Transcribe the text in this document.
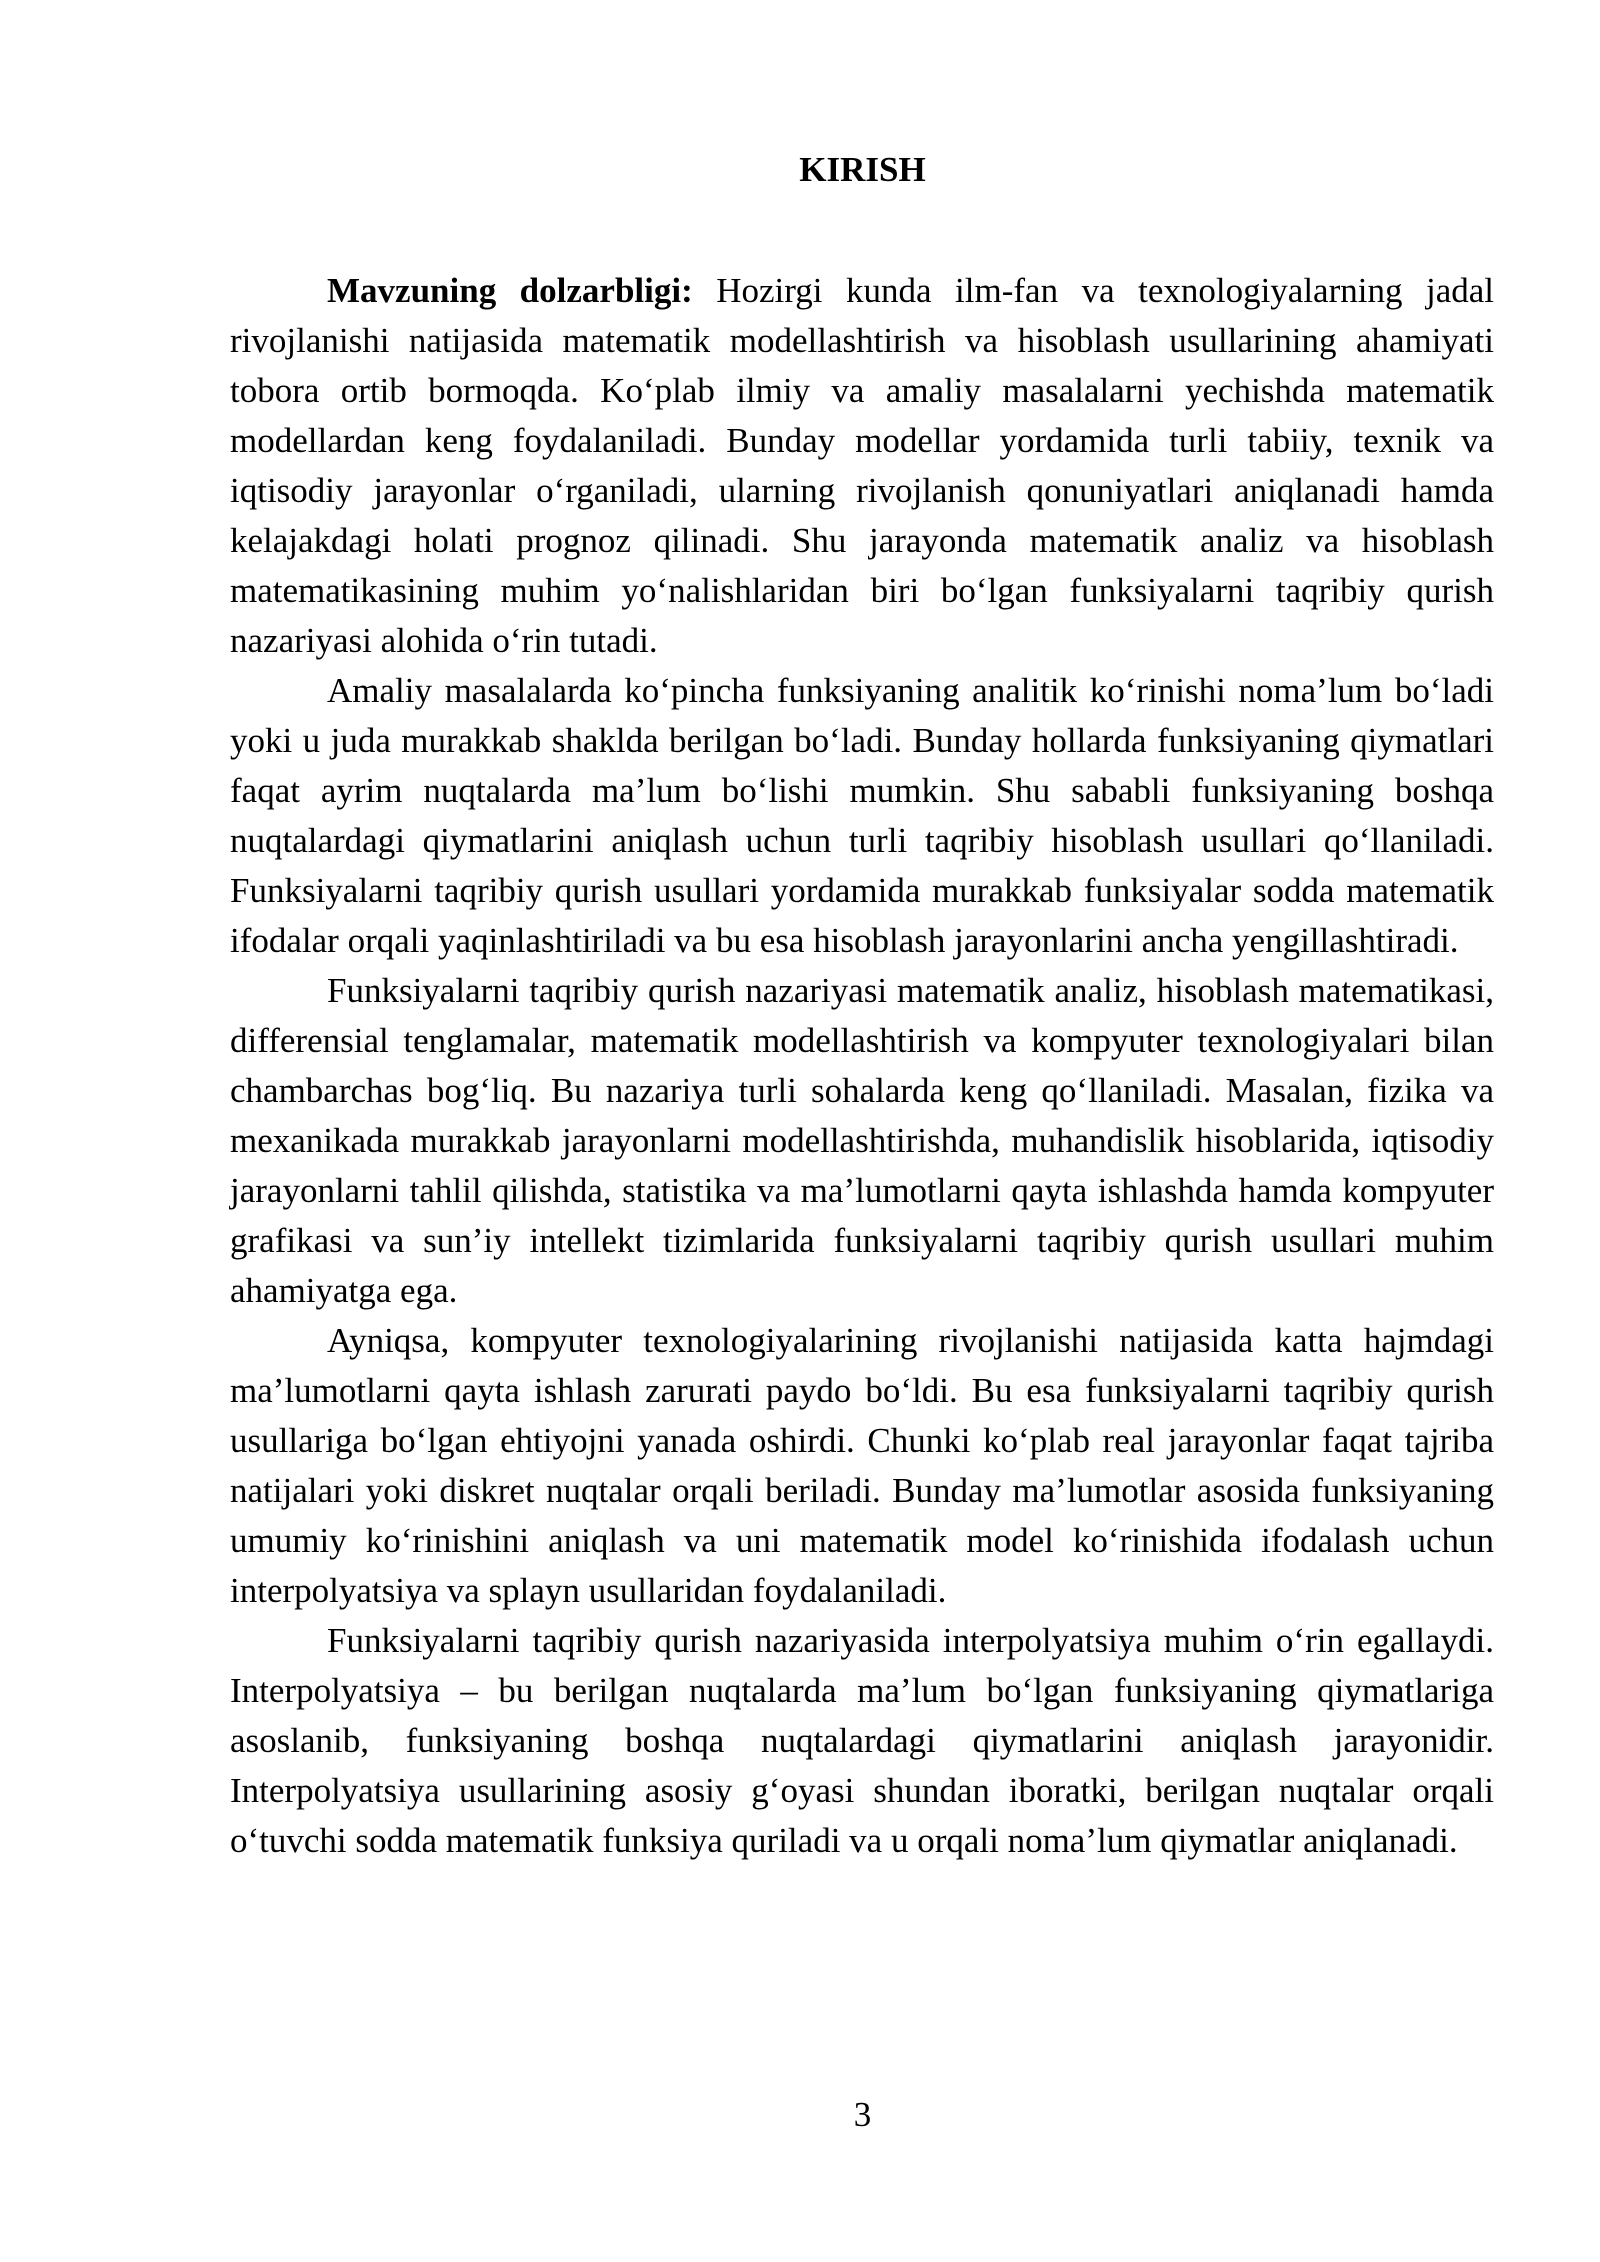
KIRISH

Mavzuning dolzarbligi: Hozirgi kunda ilm-fan va texnologiyalarning jadal rivojlanishi natijasida matematik modellashtirish va hisoblash usullarining ahamiyati tobora ortib bormoqda. Ko‘plab ilmiy va amaliy masalalarni yechishda matematik modellardan keng foydalaniladi. Bunday modellar yordamida turli tabiiy, texnik va iqtisodiy jarayonlar o‘rganiladi, ularning rivojlanish qonuniyatlari aniqlanadi hamda kelajakdagi holati prognoz qilinadi. Shu jarayonda matematik analiz va hisoblash matematikasining muhim yo‘nalishlaridan biri bo‘lgan funksiyalarni taqribiy qurish nazariyasi alohida o‘rin tutadi.

Amaliy masalalarda ko‘pincha funksiyaning analitik ko‘rinishi noma’lum bo‘ladi yoki u juda murakkab shaklda berilgan bo‘ladi. Bunday hollarda funksiyaning qiymatlari faqat ayrim nuqtalarda ma’lum bo‘lishi mumkin. Shu sababli funksiyaning boshqa nuqtalardagi qiymatlarini aniqlash uchun turli taqribiy hisoblash usullari qo‘llaniladi. Funksiyalarni taqribiy qurish usullari yordamida murakkab funksiyalar sodda matematik ifodalar orqali yaqinlashtiriladi va bu esa hisoblash jarayonlarini ancha yengillashtiradi.

Funksiyalarni taqribiy qurish nazariyasi matematik analiz, hisoblash matematikasi, differensial tenglamalar, matematik modellashtirish va kompyuter texnologiyalari bilan chambarchas bog‘liq. Bu nazariya turli sohalarda keng qo‘llaniladi. Masalan, fizika va mexanikada murakkab jarayonlarni modellashtirishda, muhandislik hisoblarida, iqtisodiy jarayonlarni tahlil qilishda, statistika va ma’lumotlarni qayta ishlashda hamda kompyuter grafikasi va sun’iy intellekt tizimlarida funksiyalarni taqribiy qurish usullari muhim ahamiyatga ega.

Ayniqsa, kompyuter texnologiyalarining rivojlanishi natijasida katta hajmdagi ma’lumotlarni qayta ishlash zarurati paydo bo‘ldi. Bu esa funksiyalarni taqribiy qurish usullariga bo‘lgan ehtiyojni yanada oshirdi. Chunki ko‘plab real jarayonlar faqat tajriba natijalari yoki diskret nuqtalar orqali beriladi. Bunday ma’lumotlar asosida funksiyaning umumiy ko‘rinishini aniqlash va uni matematik model ko‘rinishida ifodalash uchun interpolyatsiya va splayn usullaridan foydalaniladi.

Funksiyalarni taqribiy qurish nazariyasida interpolyatsiya muhim o‘rin egallaydi. Interpolyatsiya – bu berilgan nuqtalarda ma’lum bo‘lgan funksiyaning qiymatlariga asoslanib, funksiyaning boshqa nuqtalardagi qiymatlarini aniqlash jarayonidir. Interpolyatsiya usullarining asosiy g‘oyasi shundan iboratki, berilgan nuqtalar orqali o‘tuvchi sodda matematik funksiya quriladi va u orqali noma’lum qiymatlar aniqlanadi.

3
